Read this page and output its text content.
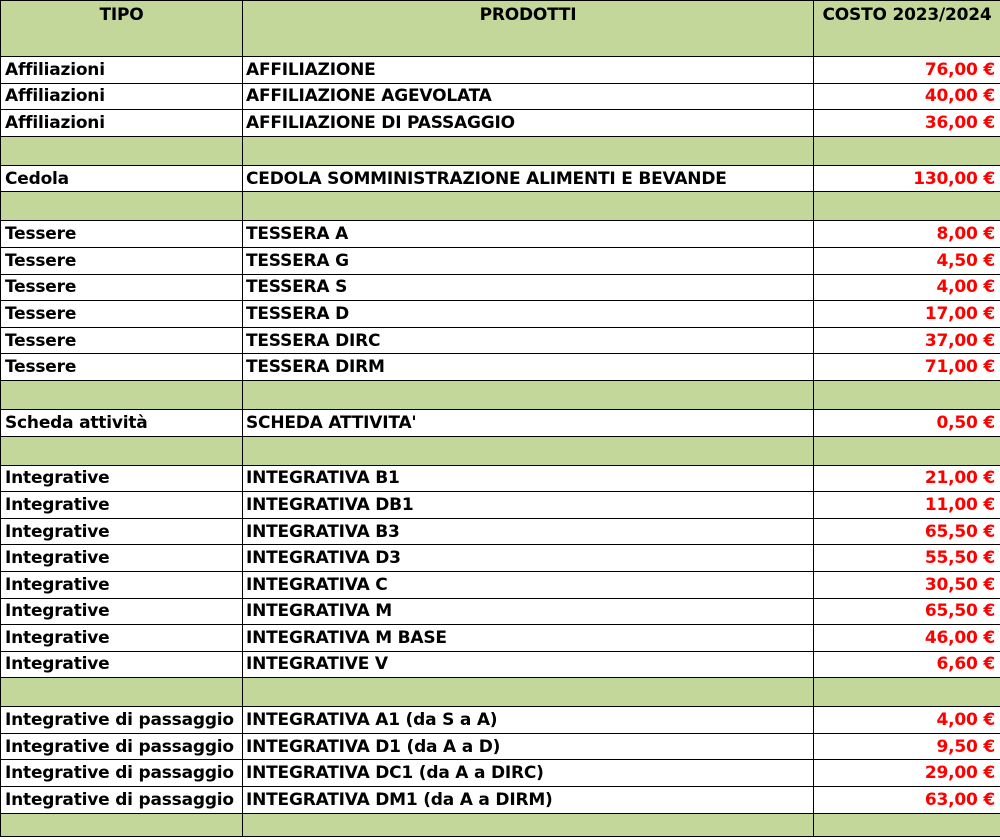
TIPO	PRODOTTI	COSTO 2023/2024
Affiliazioni	AFFILIAZIONE	76,00 €
Affiliazioni	AFFILIAZIONE AGEVOLATA	40,00 €
Affiliazioni	AFFILIAZIONE DI PASSAGGIO	36,00 €

Cedola	CEDOLA SOMMINISTRAZIONE ALIMENTI E BEVANDE	130,00 €

Tessere	TESSERA A	8,00 €
Tessere	TESSERA G	4,50 €
Tessere	TESSERA S	4,00 €
Tessere	TESSERA D	17,00 €
Tessere	TESSERA DIRC	37,00 €
Tessere	TESSERA DIRM	71,00 €

Scheda attività	SCHEDA ATTIVITA'	0,50 €

Integrative	INTEGRATIVA B1	21,00 €
Integrative	INTEGRATIVA DB1	11,00 €
Integrative	INTEGRATIVA B3	65,50 €
Integrative	INTEGRATIVA D3	55,50 €
Integrative	INTEGRATIVA C	30,50 €
Integrative	INTEGRATIVA M	65,50 €
Integrative	INTEGRATIVA M BASE	46,00 €
Integrative	INTEGRATIVE V	6,60 €

Integrative di passaggio	INTEGRATIVA A1 (da S a A)	4,00 €
Integrative di passaggio	INTEGRATIVA D1 (da A a D)	9,50 €
Integrative di passaggio	INTEGRATIVA DC1 (da A a DIRC)	29,00 €
Integrative di passaggio	INTEGRATIVA DM1 (da A a DIRM)	63,00 €
